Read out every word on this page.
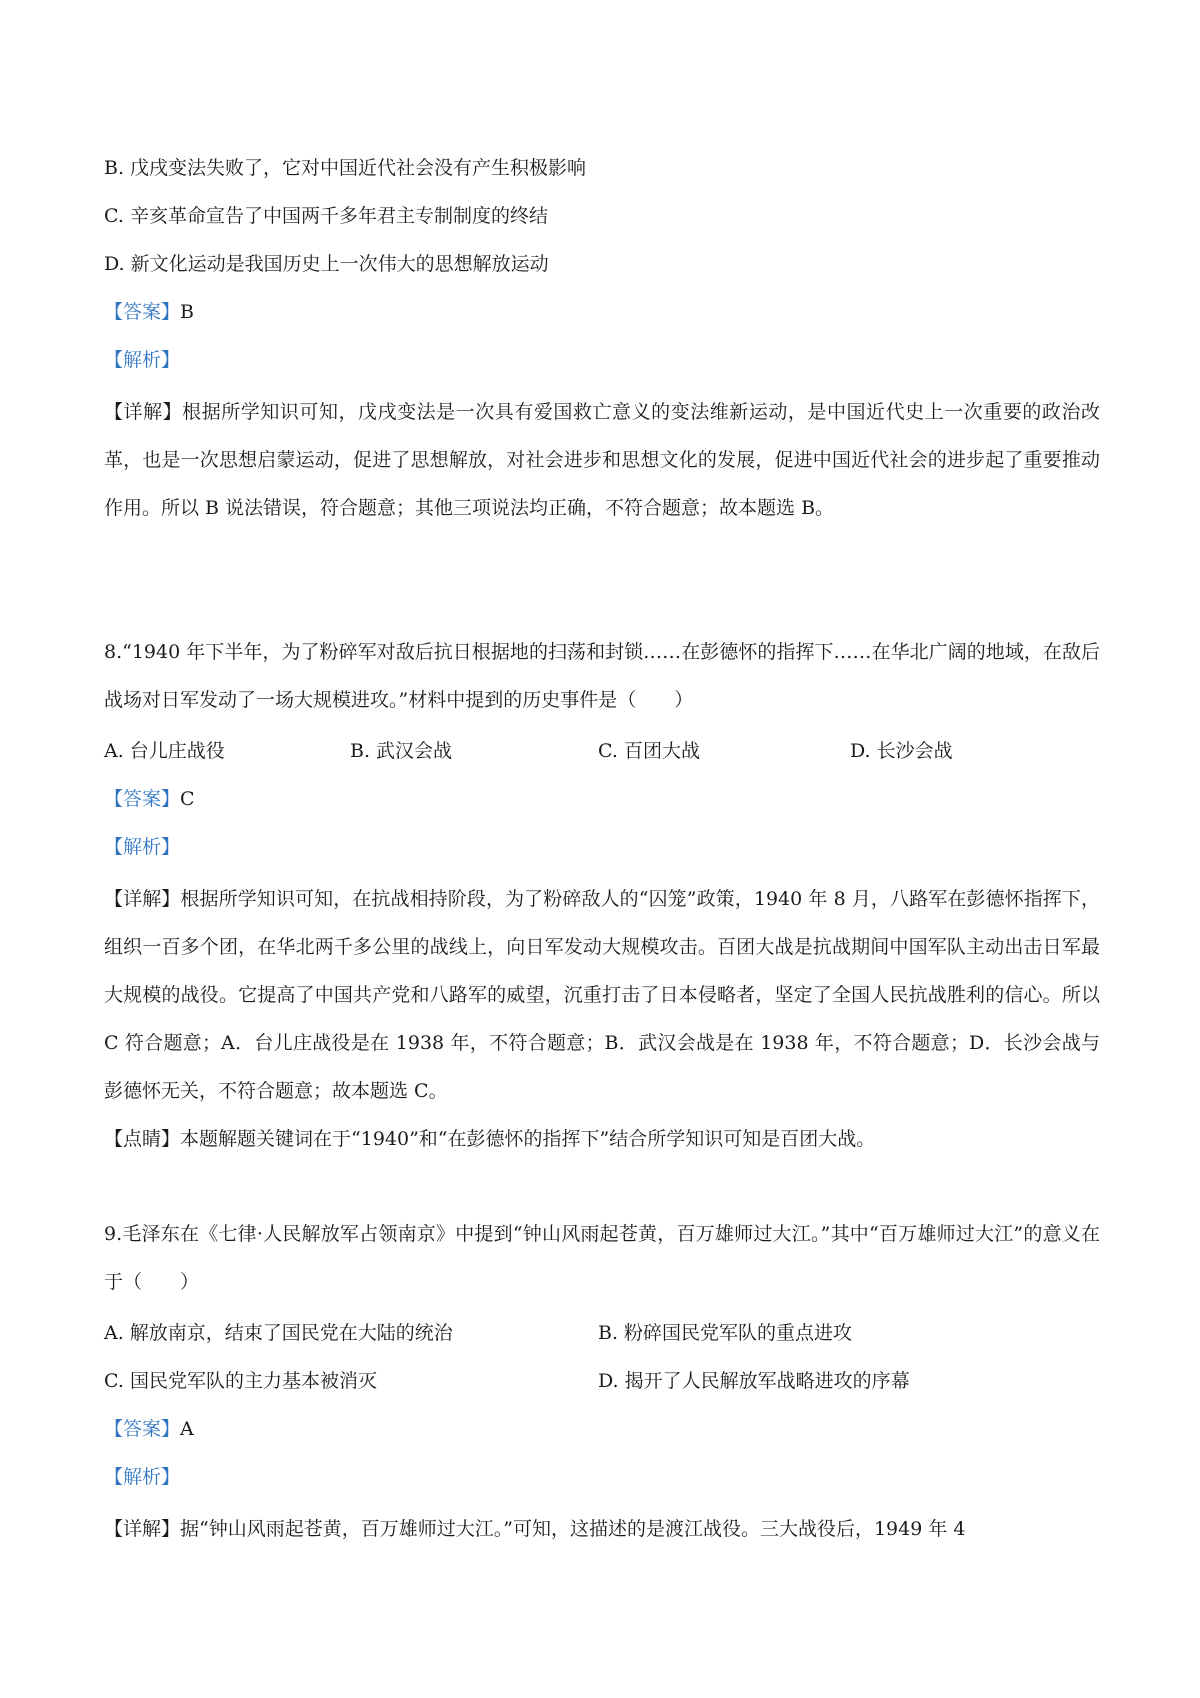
B. 戊戌变法失败了，它对中国近代社会没有产生积极影响
C. 辛亥革命宣告了中国两千多年君主专制制度的终结
D. 新文化运动是我国历史上一次伟大的思想解放运动
【答案】B
【解析】
【详解】根据所学知识可知，戊戌变法是一次具有爱国救亡意义的变法维新运动，是中国近代史上一次重要的政治改革，也是一次思想启蒙运动，促进了思想解放，对社会进步和思想文化的发展，促进中国近代社会的进步起了重要推动作用。所以 B 说法错误，符合题意；其他三项说法均正确，不符合题意；故本题选 B。
8.“1940 年下半年，为了粉碎军对敌后抗日根据地的扫荡和封锁……在彭德怀的指挥下……在华北广阔的地域，在敌后战场对日军发动了一场大规模进攻。”材料中提到的历史事件是（　　）
A. 台儿庄战役	B. 武汉会战	C. 百团大战	D. 长沙会战
【答案】C
【解析】
【详解】根据所学知识可知，在抗战相持阶段，为了粉碎敌人的“囚笼”政策，1940 年 8 月，八路军在彭德怀指挥下，组织一百多个团，在华北两千多公里的战线上，向日军发动大规模攻击。百团大战是抗战期间中国军队主动出击日军最大规模的战役。它提高了中国共产党和八路军的威望，沉重打击了日本侵略者，坚定了全国人民抗战胜利的信心。所以 C 符合题意；A．台儿庄战役是在 1938 年，不符合题意；B．武汉会战是在 1938 年，不符合题意；D．长沙会战与彭德怀无关，不符合题意；故本题选 C。
【点睛】本题解题关键词在于“1940”和“在彭德怀的指挥下”结合所学知识可知是百团大战。
9.毛泽东在《七律·人民解放军占领南京》中提到“钟山风雨起苍黄，百万雄师过大江。”其中“百万雄师过大江”的意义在于（　　）
A. 解放南京，结束了国民党在大陆的统治	B. 粉碎国民党军队的重点进攻
C. 国民党军队的主力基本被消灭	D. 揭开了人民解放军战略进攻的序幕
【答案】A
【解析】
【详解】据“钟山风雨起苍黄，百万雄师过大江。”可知，这描述的是渡江战役。三大战役后，1949 年 4
